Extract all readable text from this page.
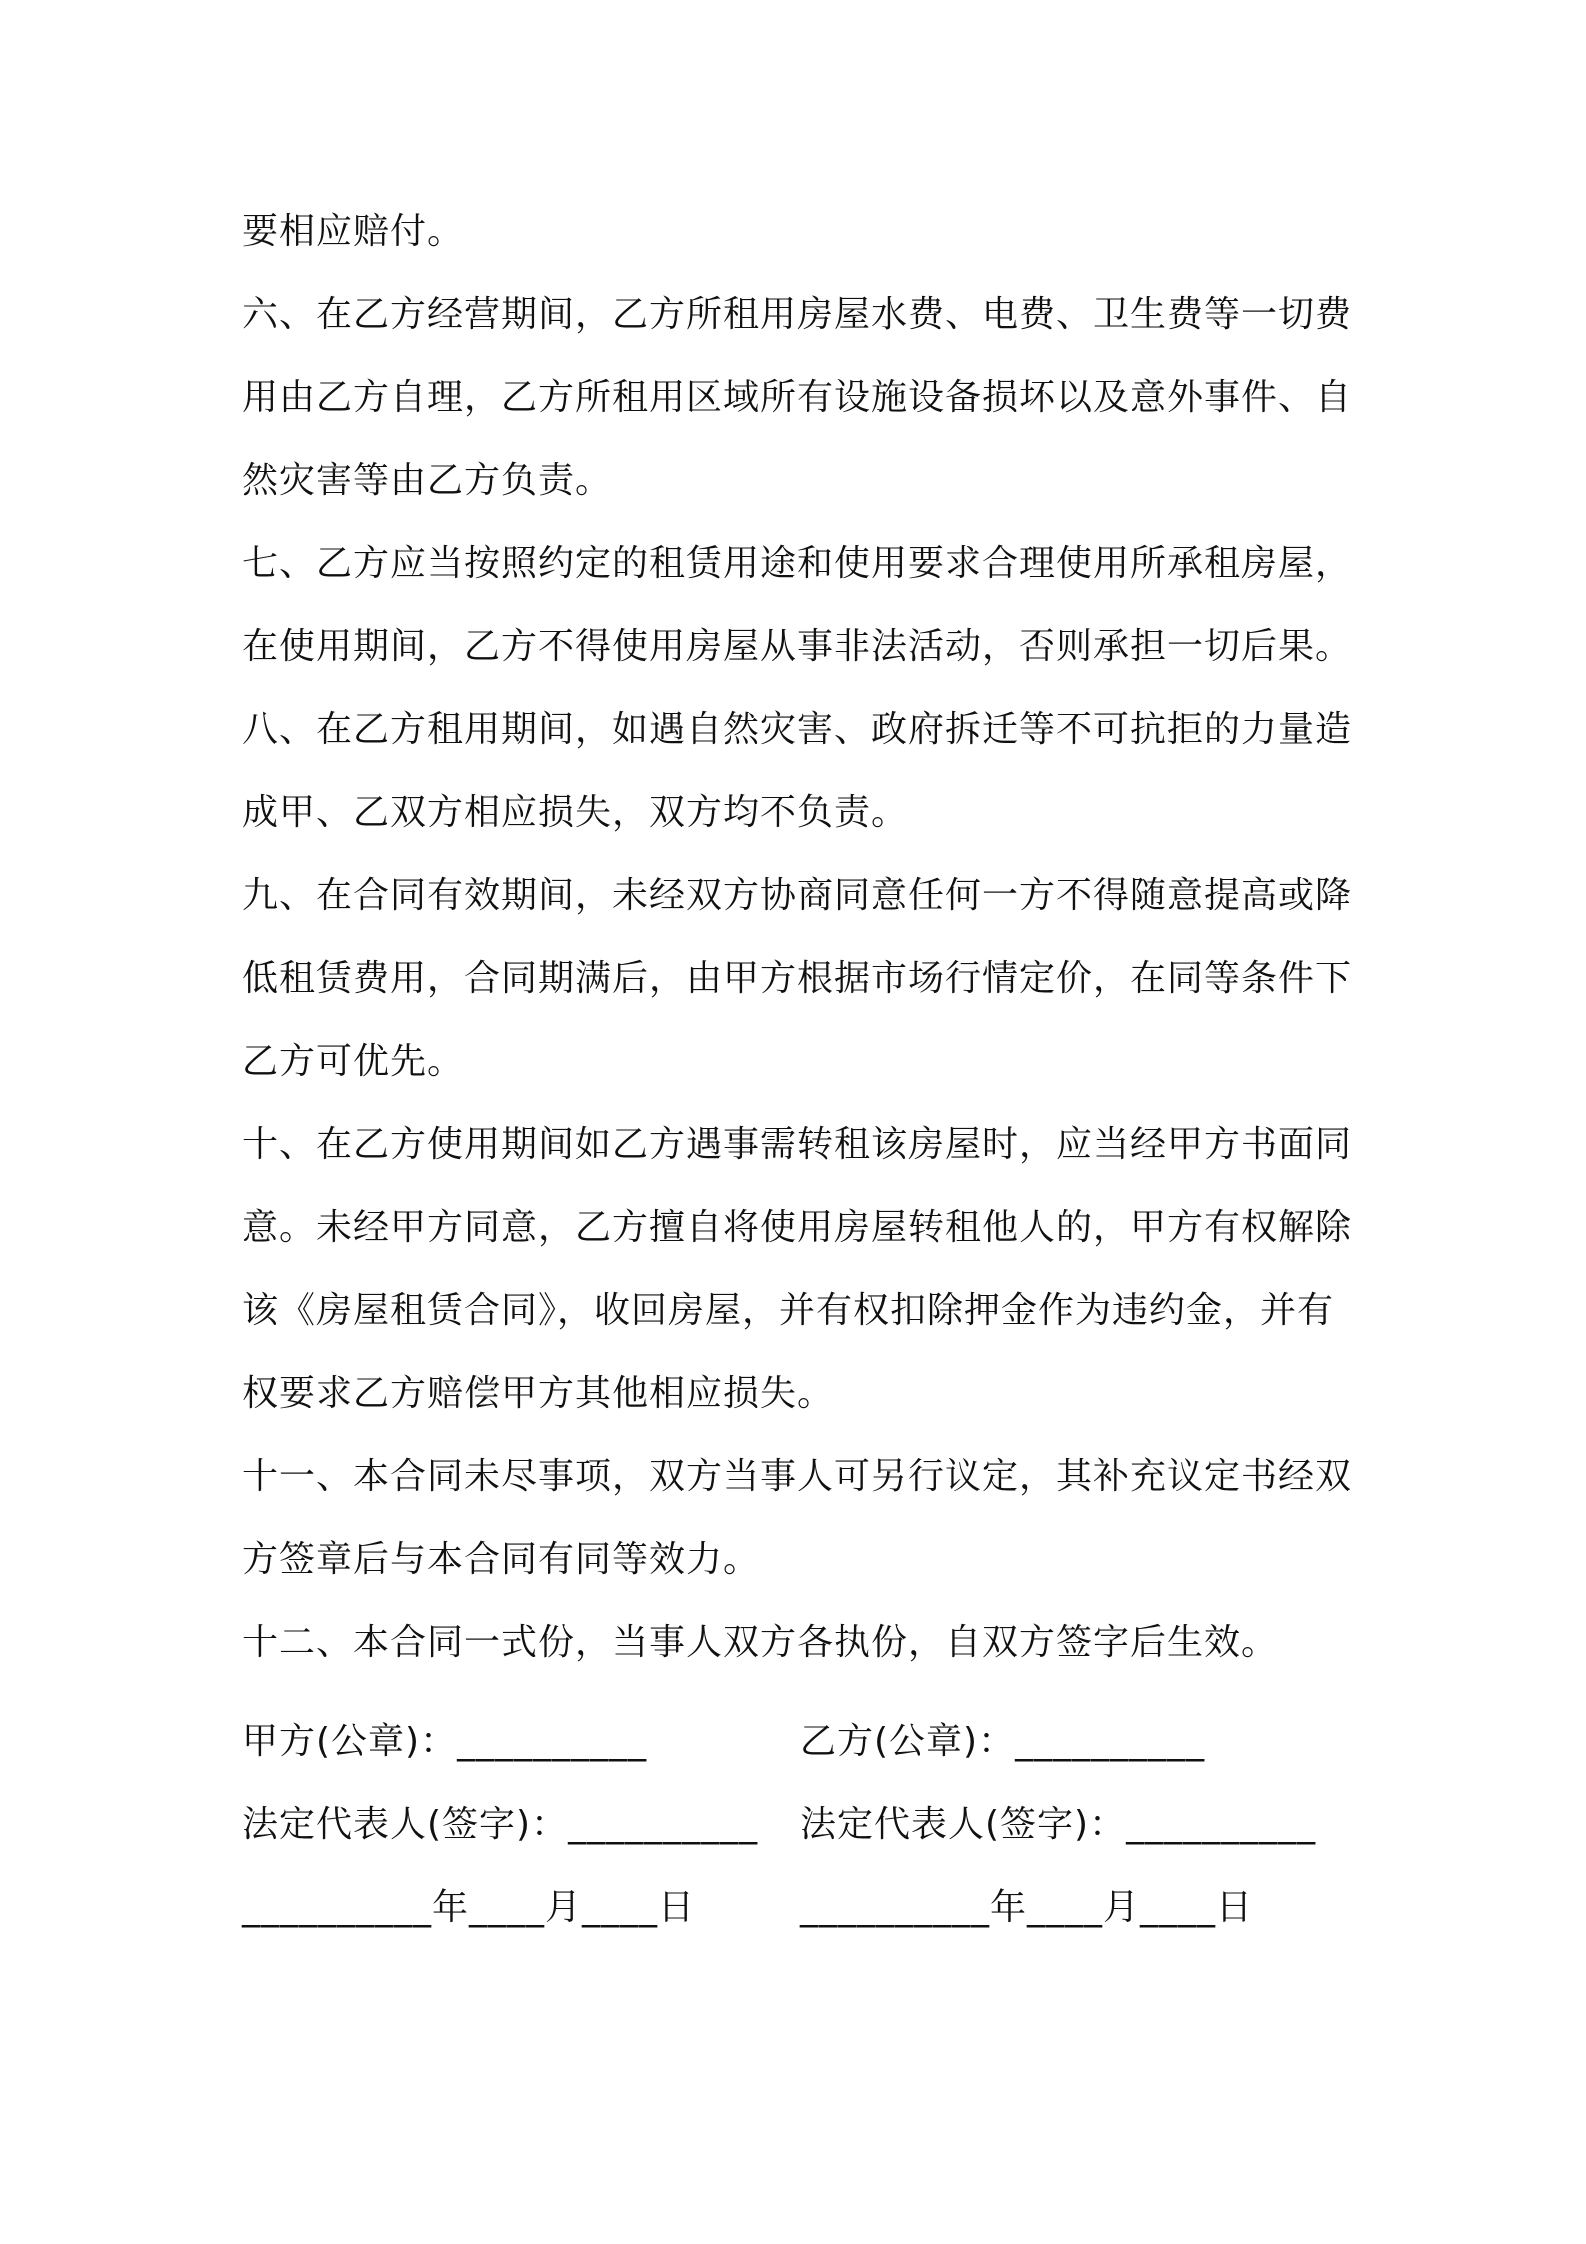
要相应赔付。

六、在乙方经营期间，乙方所租用房屋水费、电费、卫生费等一切费用由乙方自理，乙方所租用区域所有设施设备损坏以及意外事件、自然灾害等由乙方负责。

七、乙方应当按照约定的租赁用途和使用要求合理使用所承租房屋，在使用期间，乙方不得使用房屋从事非法活动，否则承担一切后果。

八、在乙方租用期间，如遇自然灾害、政府拆迁等不可抗拒的力量造成甲、乙双方相应损失，双方均不负责。

九、在合同有效期间，未经双方协商同意任何一方不得随意提高或降低租赁费用，合同期满后，由甲方根据市场行情定价，在同等条件下乙方可优先。

十、在乙方使用期间如乙方遇事需转租该房屋时，应当经甲方书面同意。未经甲方同意，乙方擅自将使用房屋转租他人的，甲方有权解除该《房屋租赁合同》，收回房屋，并有权扣除押金作为违约金，并有权要求乙方赔偿甲方其他相应损失。

十一、本合同未尽事项，双方当事人可另行议定，其补充议定书经双方签章后与本合同有同等效力。

十二、本合同一式份，当事人双方各执份，自双方签字后生效。

甲方(公章)：__________	乙方(公章)：__________
法定代表人(签字)：__________	法定代表人(签字)：__________
__________年____月____日	__________年____月____日
